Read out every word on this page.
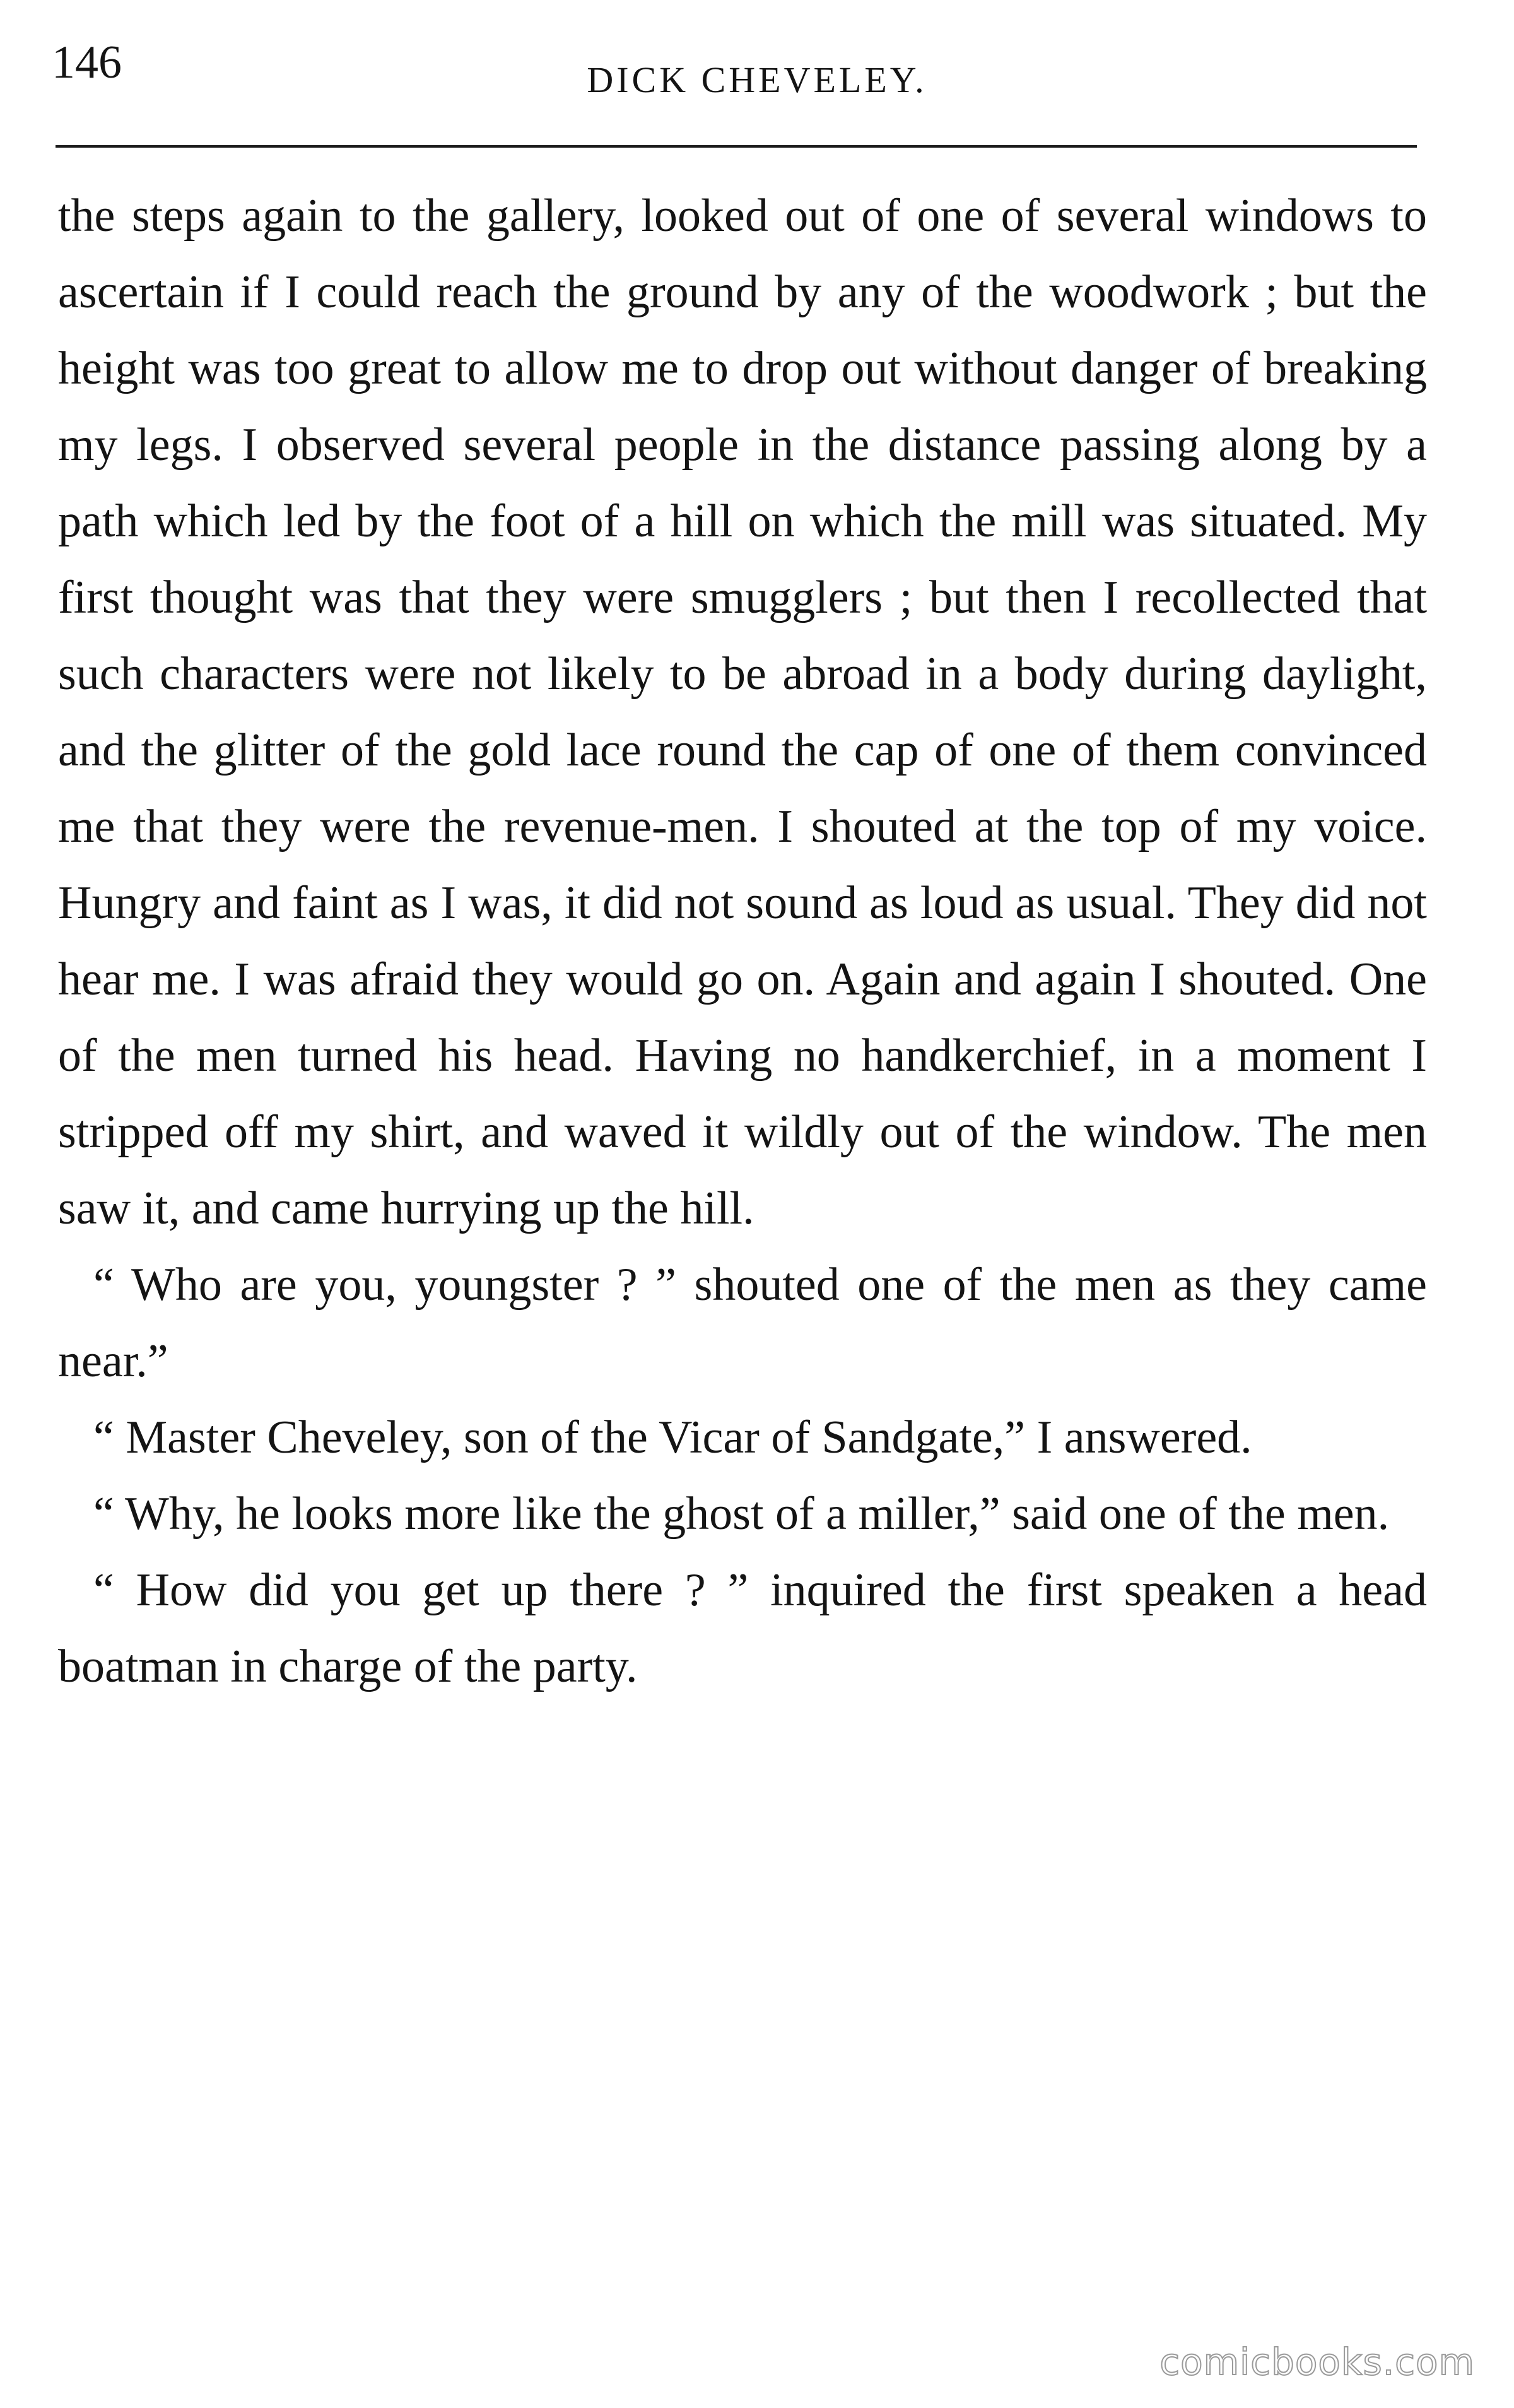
146	DICK CHEVELEY.

the steps again to the gallery, looked out of one of several windows to ascertain if I could reach the ground by any of the woodwork ; but the height was too great to allow me to drop out without danger of breaking my legs. I observed several people in the distance passing along by a path which led by the foot of a hill on which the mill was situated. My first thought was that they were smugglers ; but then I recollected that such characters were not likely to be abroad in a body during daylight, and the glitter of the gold lace round the cap of one of them convinced me that they were the revenue-men. I shouted at the top of my voice. Hungry and faint as I was, it did not sound as loud as usual. They did not hear me. I was afraid they would go on. Again and again I shouted. One of the men turned his head. Having no handkerchief, in a moment I stripped off my shirt, and waved it wildly out of the window. The men saw it, and came hurrying up the hill.

“ Who are you, youngster ? ” shouted one of the men as they came near.”

“ Master Cheveley, son of the Vicar of Sandgate,” I answered.

“ Why, he looks more like the ghost of a miller,” said one of the men.

“ How did you get up there ? ” inquired the first speaken a head boatman in charge of the party.

comicbooks.com
